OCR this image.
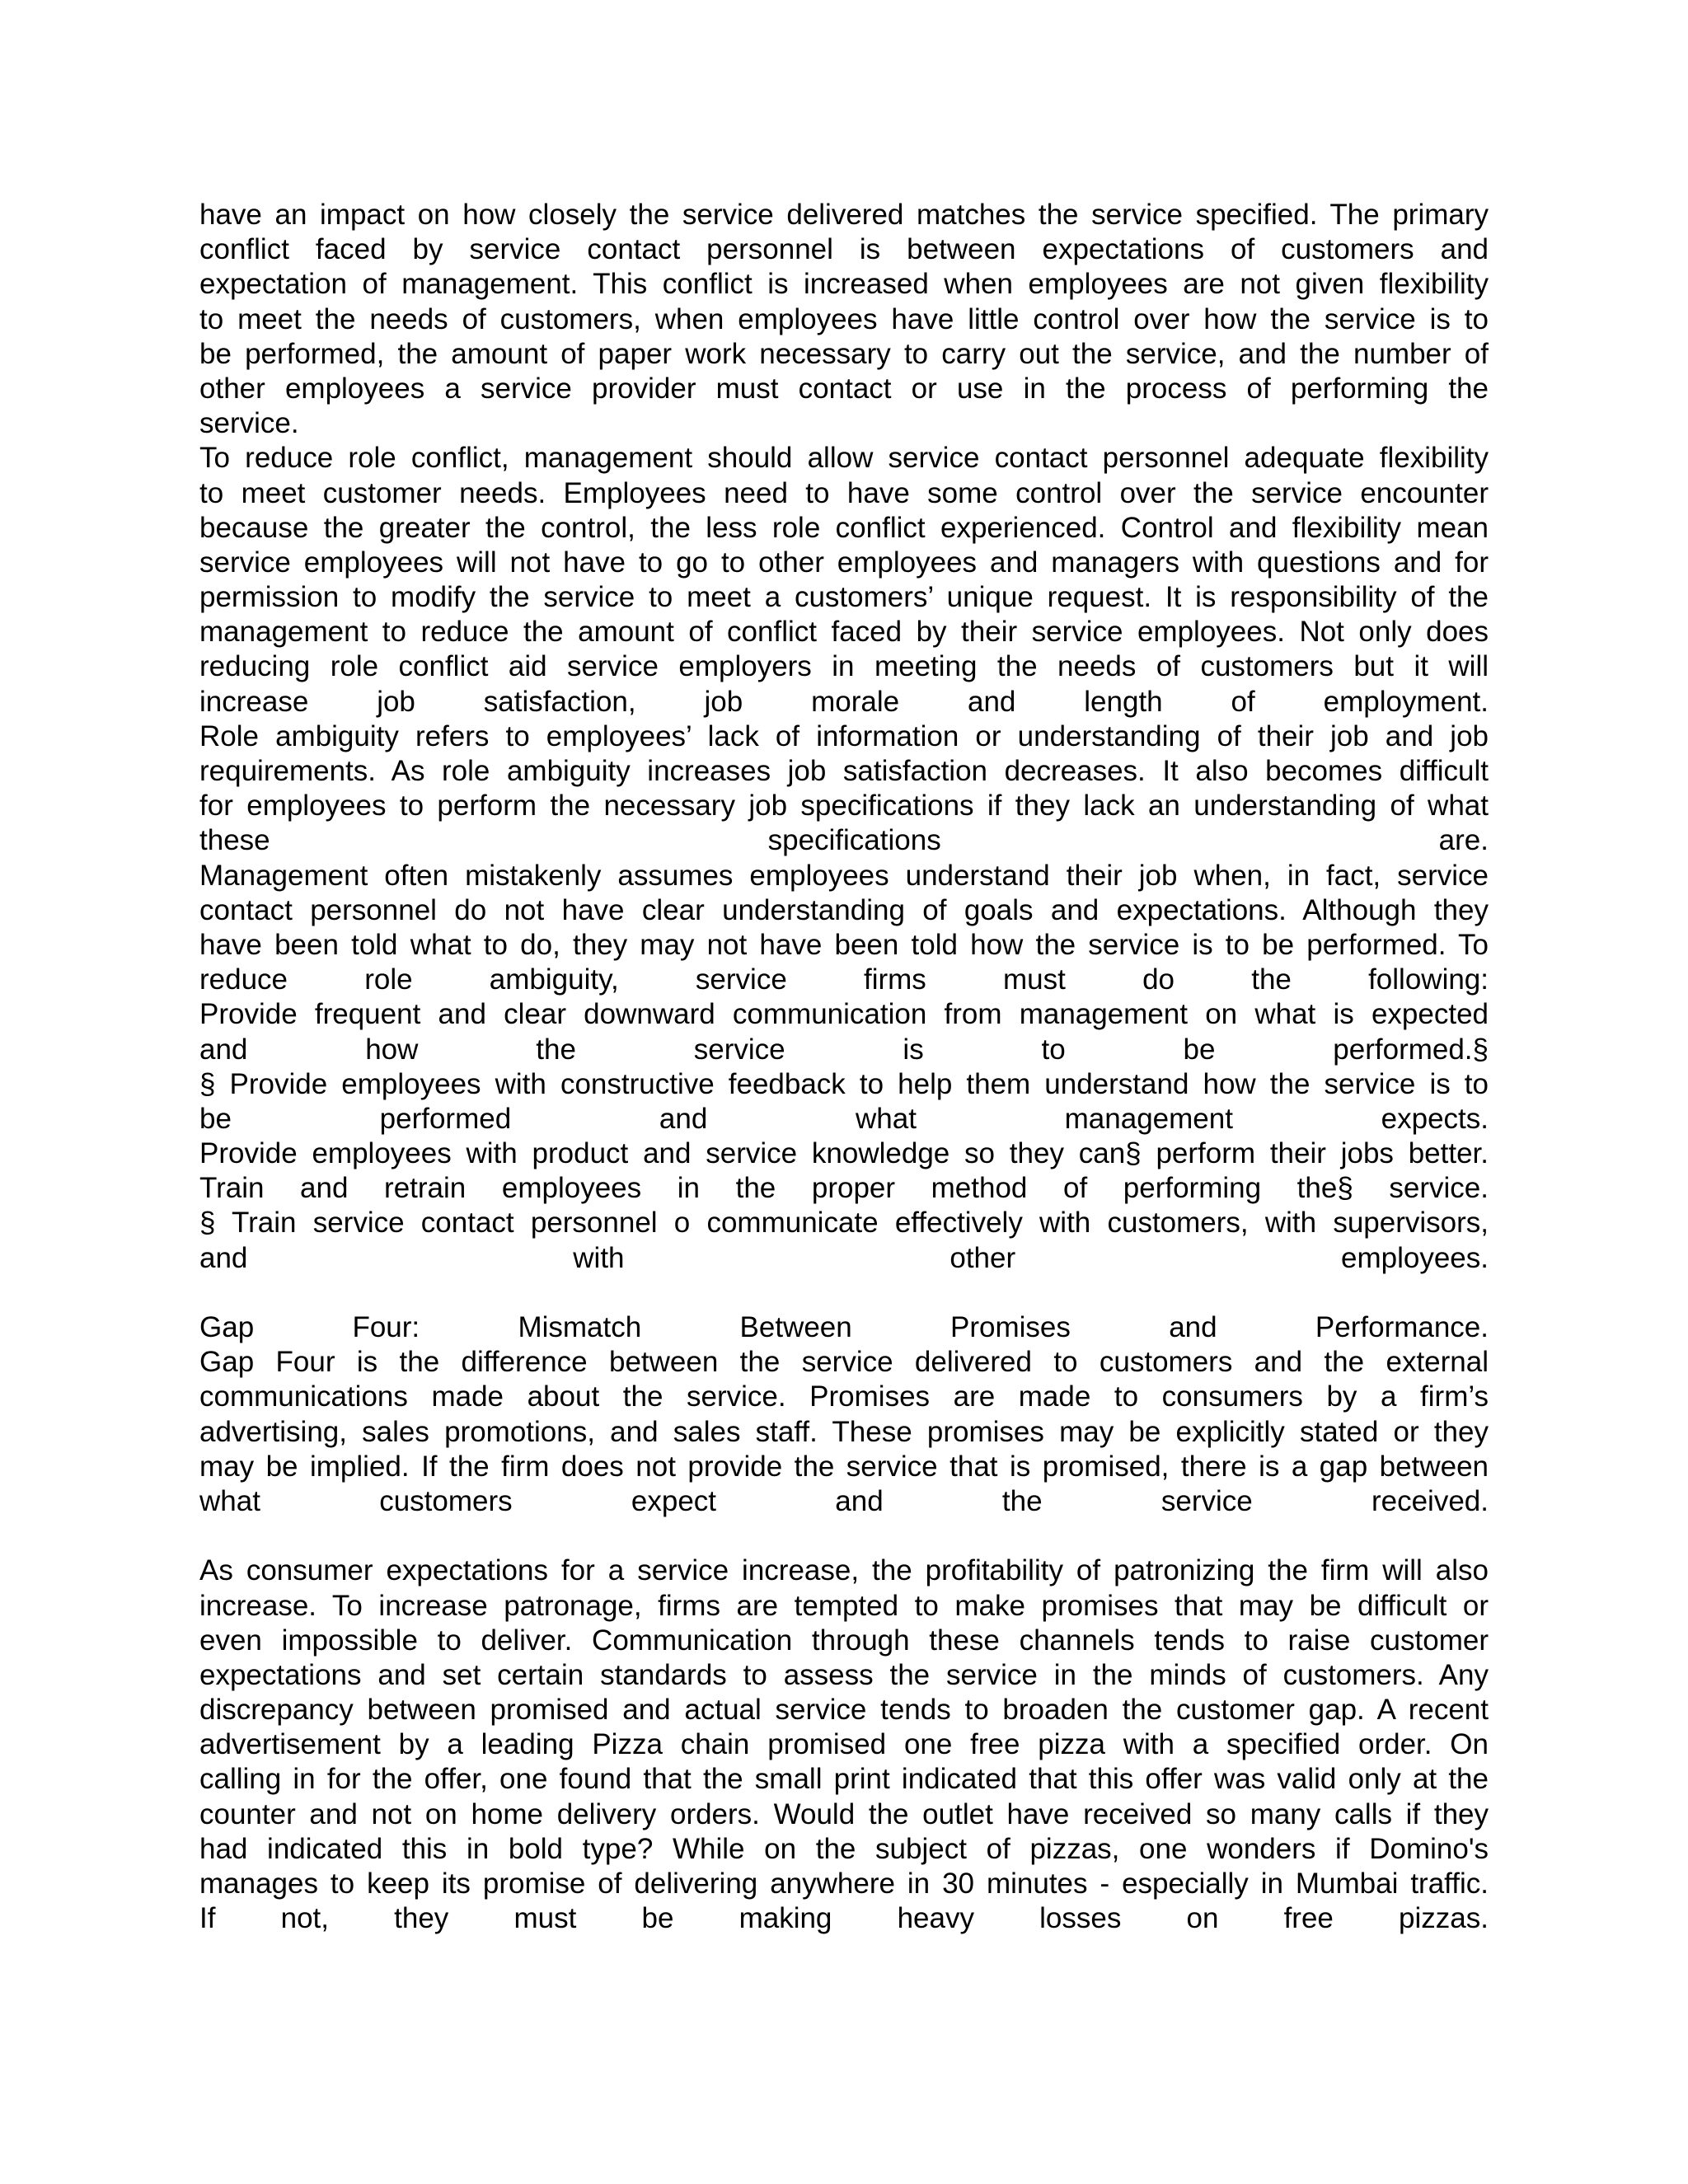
have an impact on how closely the service delivered matches the service specified. The primary
conflict faced by service contact personnel is between expectations of customers and
expectation of management. This conflict is increased when employees are not given flexibility
to meet the needs of customers, when employees have little control over how the service is to
be performed, the amount of paper work necessary to carry out the service, and the number of
other employees a service provider must contact or use in the process of performing the
service.
To reduce role conflict, management should allow service contact personnel adequate flexibility
to meet customer needs. Employees need to have some control over the service encounter
because the greater the control, the less role conflict experienced. Control and flexibility mean
service employees will not have to go to other employees and managers with questions and for
permission to modify the service to meet a customers’ unique request. It is responsibility of the
management to reduce the amount of conflict faced by their service employees. Not only does
reducing role conflict aid service employers in meeting the needs of customers but it will
increase job satisfaction, job morale and length of employment.
Role ambiguity refers to employees’ lack of information or understanding of their job and job
requirements. As role ambiguity increases job satisfaction decreases. It also becomes difficult
for employees to perform the necessary job specifications if they lack an understanding of what
these specifications are.
Management often mistakenly assumes employees understand their job when, in fact, service
contact personnel do not have clear understanding of goals and expectations. Although they
have been told what to do, they may not have been told how the service is to be performed. To
reduce role ambiguity, service firms must do the following:
Provide frequent and clear downward communication from management on what is expected
and how the service is to be performed.§
§ Provide employees with constructive feedback to help them understand how the service is to
be performed and what management expects.
Provide employees with product and service knowledge so they can§ perform their jobs better.
Train and retrain employees in the proper method of performing the§ service.
§ Train service contact personnel o communicate effectively with customers, with supervisors,
and with other employees.
Gap Four: Mismatch Between Promises and Performance.
Gap Four is the difference between the service delivered to customers and the external
communications made about the service. Promises are made to consumers by a firm’s
advertising, sales promotions, and sales staff. These promises may be explicitly stated or they
may be implied. If the firm does not provide the service that is promised, there is a gap between
what customers expect and the service received.
As consumer expectations for a service increase, the profitability of patronizing the firm will also
increase. To increase patronage, firms are tempted to make promises that may be difficult or
even impossible to deliver. Communication through these channels tends to raise customer
expectations and set certain standards to assess the service in the minds of customers. Any
discrepancy between promised and actual service tends to broaden the customer gap. A recent
advertisement by a leading Pizza chain promised one free pizza with a specified order. On
calling in for the offer, one found that the small print indicated that this offer was valid only at the
counter and not on home delivery orders. Would the outlet have received so many calls if they
had indicated this in bold type? While on the subject of pizzas, one wonders if Domino's
manages to keep its promise of delivering anywhere in 30 minutes - especially in Mumbai traffic.
If not, they must be making heavy losses on free pizzas.
